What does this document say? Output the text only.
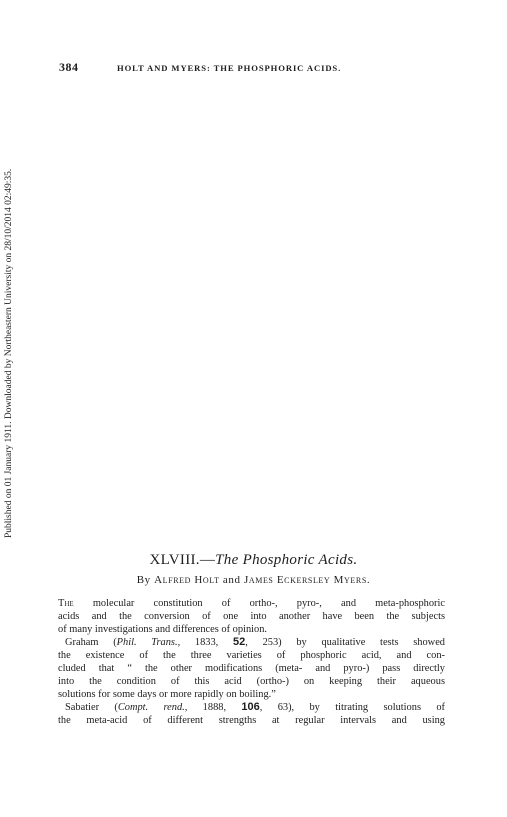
384	HOLT AND MYERS: THE PHOSPHORIC ACIDS.
Published on 01 January 1911. Downloaded by Northeastern University on 28/10/2014 02:49:35.
XLVIII.—The Phosphoric Acids.
By Alfred Holt and James Eckersley Myers.
The molecular constitution of ortho-, pyro-, and meta-phosphoric
acids and the conversion of one into another have been the subjects
of many investigations and differences of opinion.
Graham (Phil. Trans., 1833, 52, 253) by qualitative tests showed
the existence of the three varieties of phosphoric acid, and con-
cluded that “ the other modifications (meta- and pyro-) pass directly
into the condition of this acid (ortho-) on keeping their aqueous
solutions for some days or more rapidly on boiling.”
Sabatier (Compt. rend., 1888, 106, 63), by titrating solutions of
the meta-acid of different strengths at regular intervals and using
